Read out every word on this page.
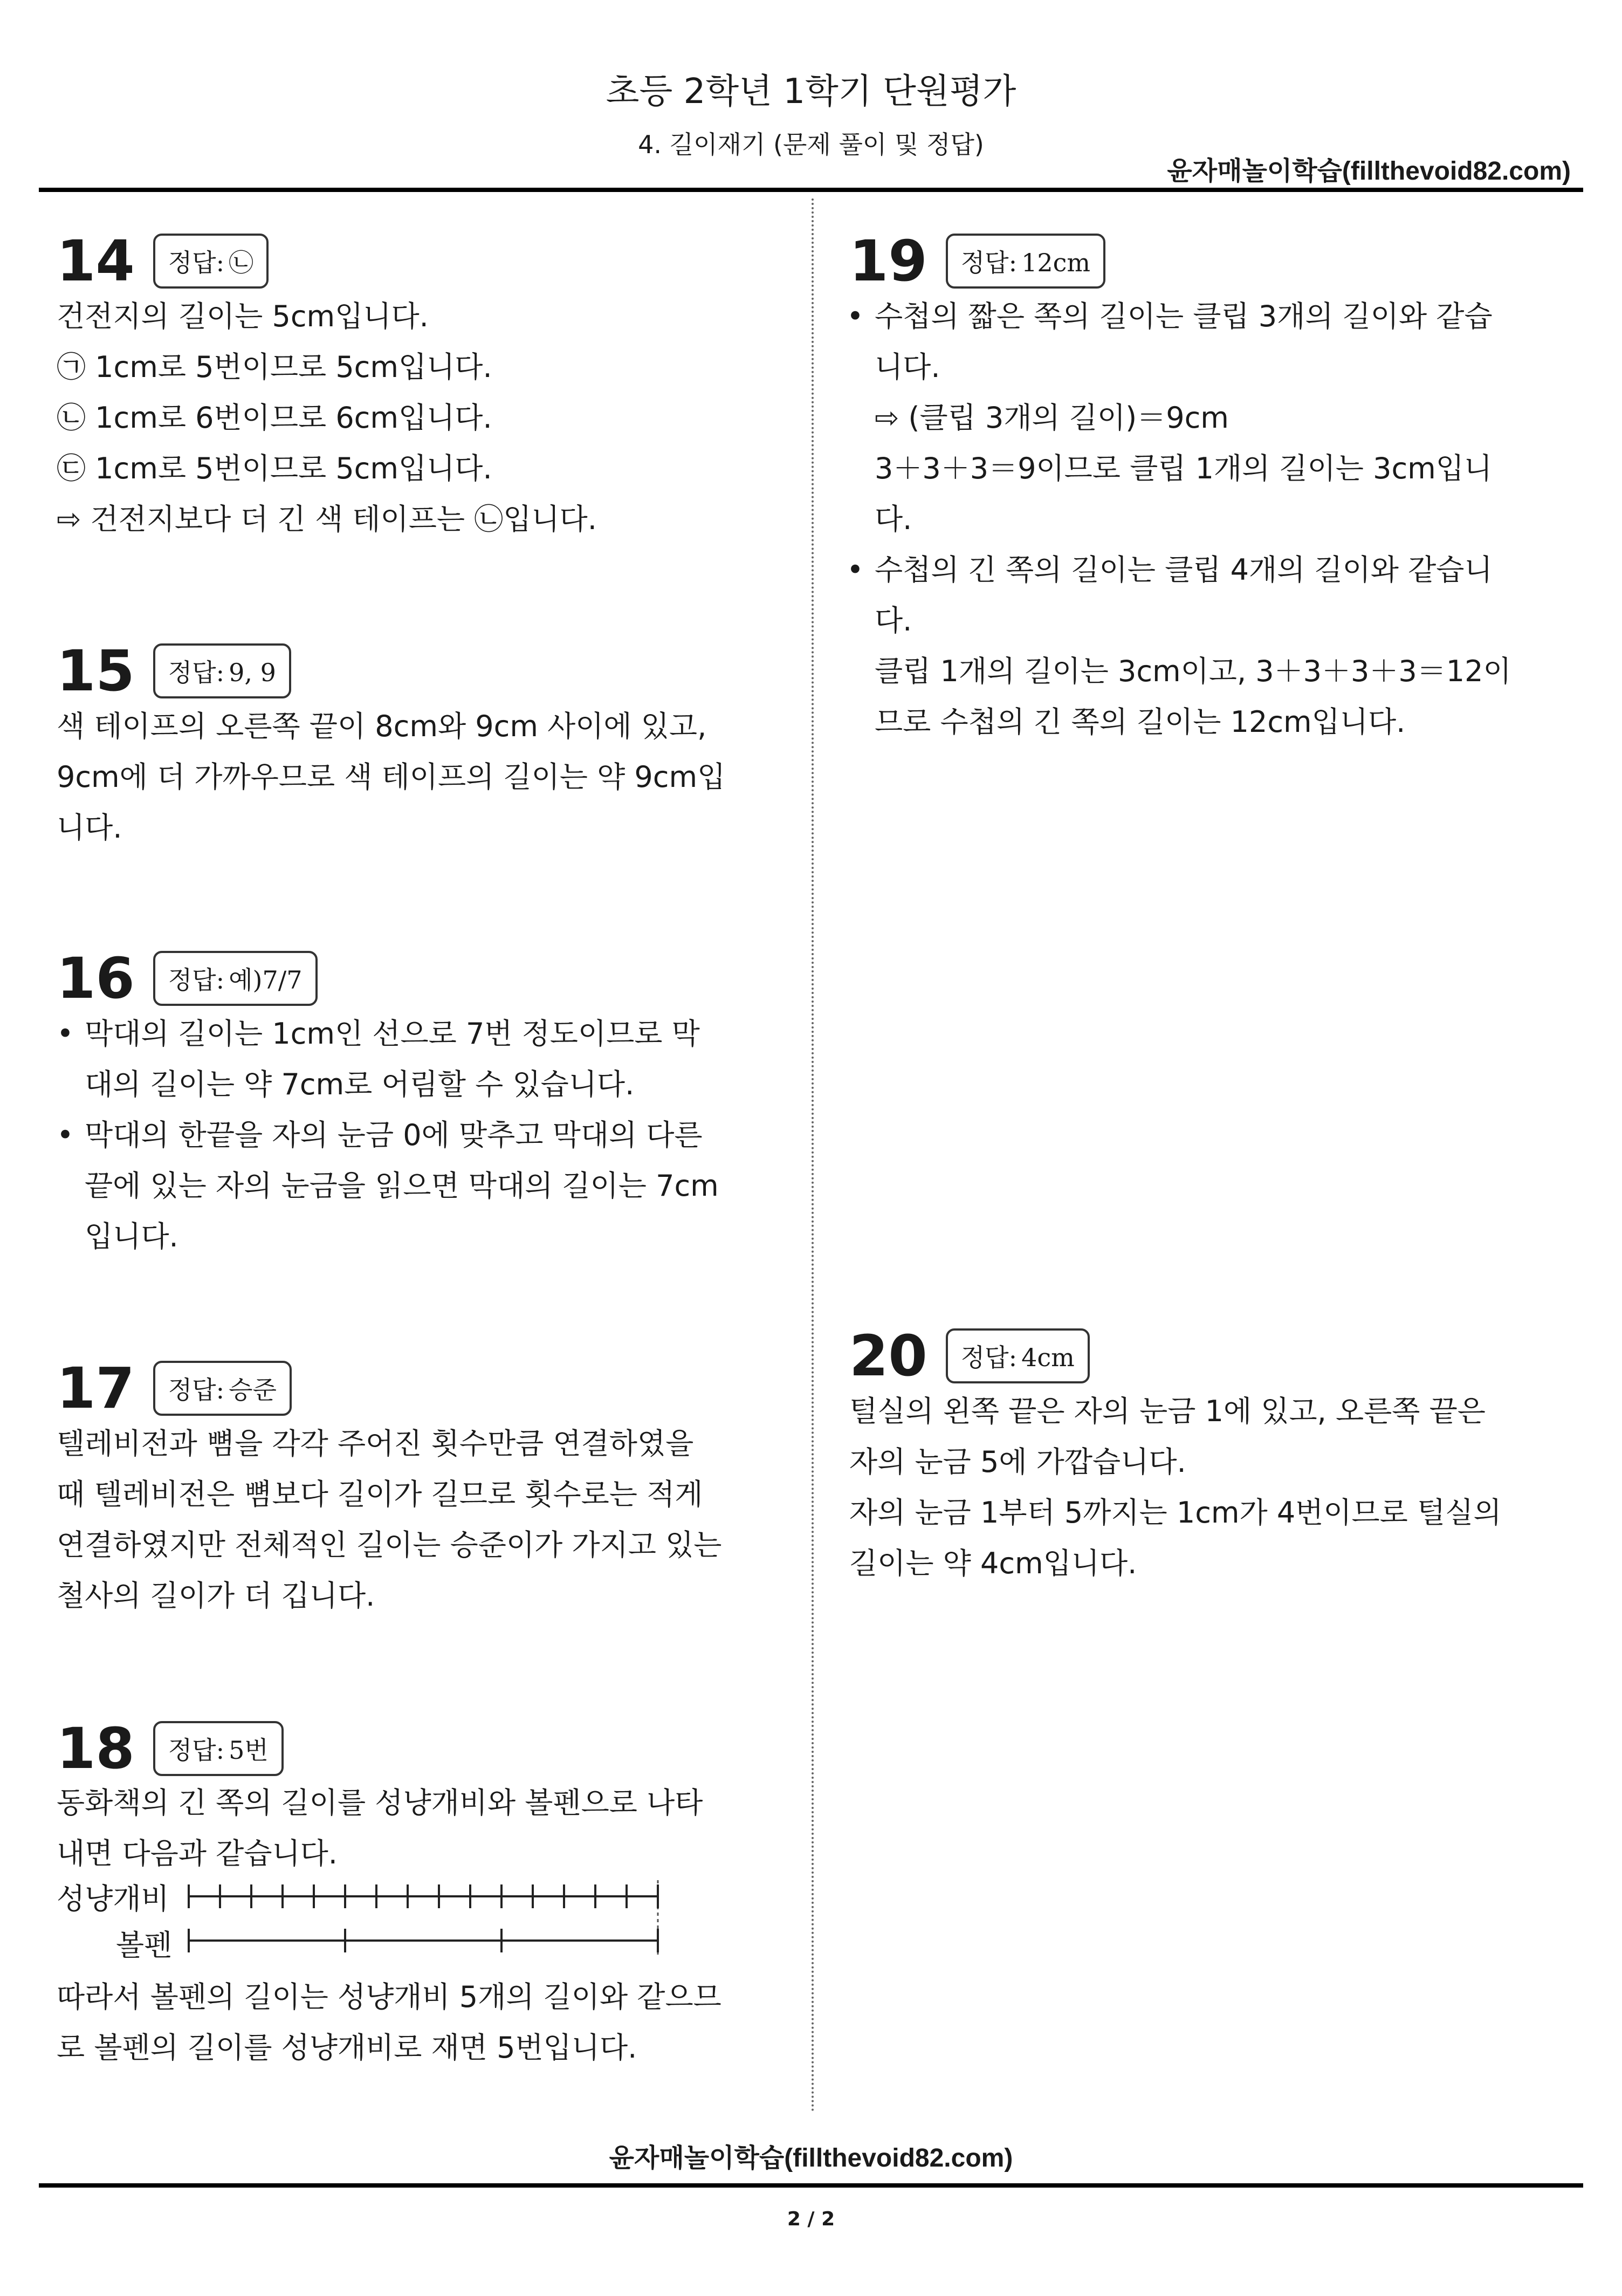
초등 2학년 1학기 단원평가
4. 길이재기 (문제 풀이 및 정답)
윤자매놀이학습(fillthevoid82.com)
14	정답: ㉡

건전지의 길이는 5cm입니다.

㉠ 1cm로 5번이므로 5cm입니다.

㉡ 1cm로 6번이므로 6cm입니다.

㉢ 1cm로 5번이므로 5cm입니다.

⇨ 건전지보다 더 긴 색 테이프는 ㉡입니다.

15	정답: 9, 9

색 테이프의 오른쪽 끝이 8cm와 9cm 사이에 있고,

9cm에 더 가까우므로 색 테이프의 길이는 약 9cm입

니다.

16	정답: 예)7/7
• 막대의 길이는 1cm인 선으로 7번 정도이므로 막

대의 길이는 약 7cm로 어림할 수 있습니다.

• 막대의 한끝을 자의 눈금 0에 맞추고 막대의 다른

끝에 있는 자의 눈금을 읽으면 막대의 길이는 7cm

입니다.

17	정답: 승준

텔레비전과 뼘을 각각 주어진 횟수만큼 연결하였을

때 텔레비전은 뼘보다 길이가 길므로 횟수로는 적게

연결하였지만 전체적인 길이는 승준이가 가지고 있는

철사의 길이가 더 깁니다.

18	정답: 5번

동화책의 긴 쪽의 길이를 성냥개비와 볼펜으로 나타

내면 다음과 같습니다.

성냥개비
볼펜

따라서 볼펜의 길이는 성냥개비 5개의 길이와 같으므

로 볼펜의 길이를 성냥개비로 재면 5번입니다.

19	정답: 12cm
• 수첩의 짧은 쪽의 길이는 클립 3개의 길이와 같습

니다.

⇨ (클립 3개의 길이)＝9cm

3＋3＋3＝9이므로 클립 1개의 길이는 3cm입니

다.

• 수첩의 긴 쪽의 길이는 클립 4개의 길이와 같습니

다.

클립 1개의 길이는 3cm이고, 3＋3＋3＋3＝12이

므로 수첩의 긴 쪽의 길이는 12cm입니다.

20	정답: 4cm

털실의 왼쪽 끝은 자의 눈금 1에 있고, 오른쪽 끝은

자의 눈금 5에 가깝습니다.

자의 눈금 1부터 5까지는 1cm가 4번이므로 털실의

길이는 약 4cm입니다.

윤자매놀이학습(fillthevoid82.com)
2 / 2
